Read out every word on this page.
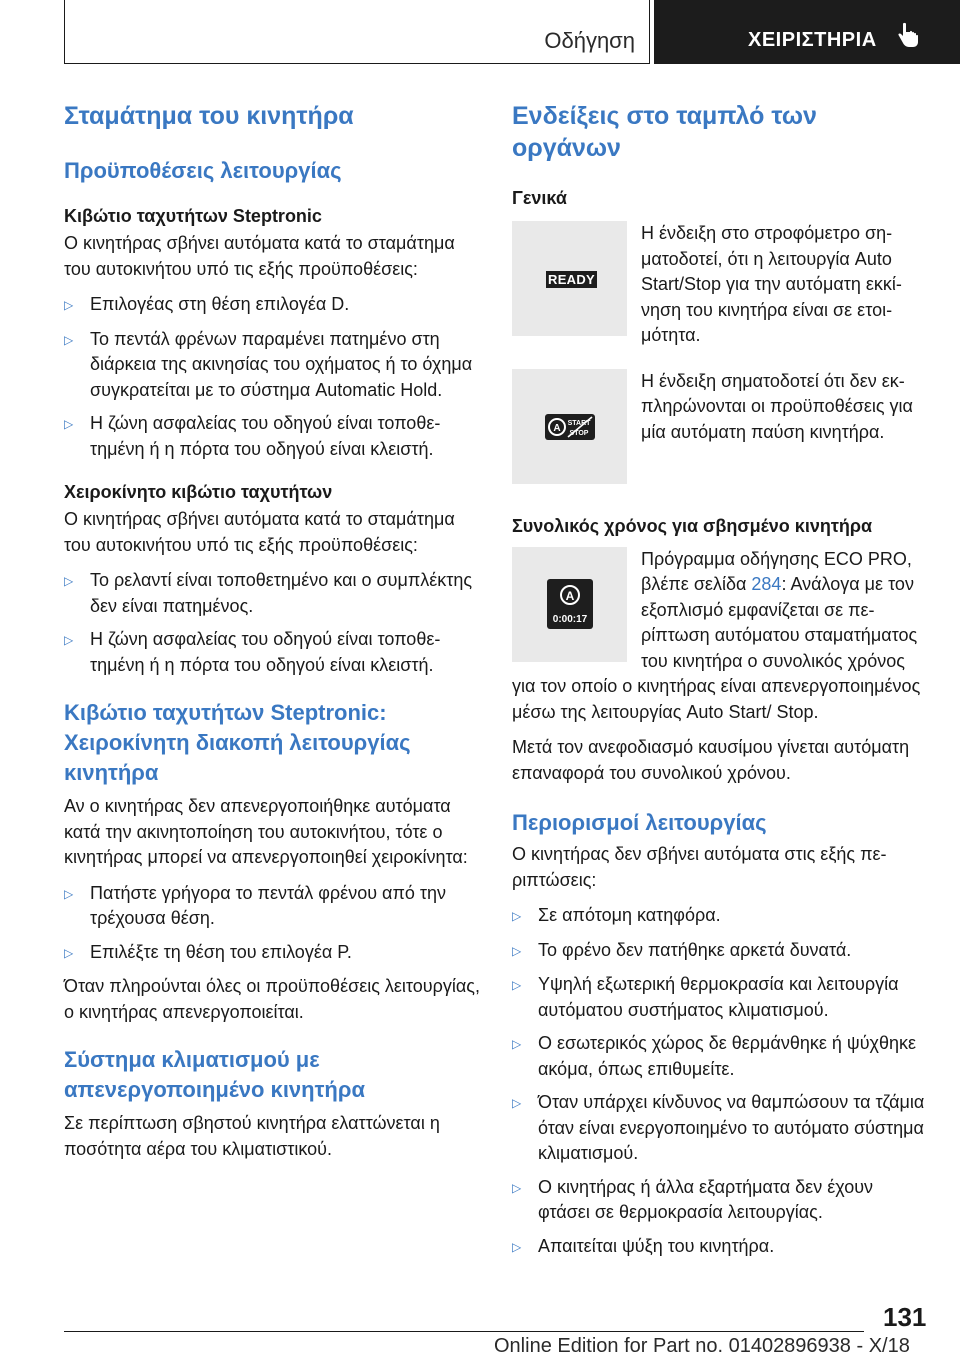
Οδήγηση	ΧΕΙΡΙΣΤΗΡΙΑ
Σταμάτημα του κινητήρα
Προϋποθέσεις λειτουργίας
Κιβώτιο ταχυτήτων Steptronic

Ο κινητήρας σβήνει αυτόματα κατά το σταμάτημα του αυτοκινήτου υπό τις εξής προϋποθέσεις:

▷ Επιλογέας στη θέση επιλογέα D.
▷ Το πεντάλ φρένων παραμένει πατημένο στη διάρκεια της ακινησίας του οχήματος ή το όχημα συγκρατείται με το σύστημα Automatic Hold.
▷ Η ζώνη ασφαλείας του οδηγού είναι τοποθετημένη ή η πόρτα του οδηγού είναι κλειστή.
Χειροκίνητο κιβώτιο ταχυτήτων

Ο κινητήρας σβήνει αυτόματα κατά το σταμάτημα του αυτοκινήτου υπό τις εξής προϋποθέσεις:

▷ Το ρελαντί είναι τοποθετημένο και ο συμπλέκτης δεν είναι πατημένος.
▷ Η ζώνη ασφαλείας του οδηγού είναι τοποθετημένη ή η πόρτα του οδηγού είναι κλειστή.
Κιβώτιο ταχυτήτων Steptronic: Χειροκίνητη διακοπή λειτουργίας κινητήρα

Αν ο κινητήρας δεν απενεργοποιήθηκε αυτόματα κατά την ακινητοποίηση του αυτοκινήτου, τότε ο κινητήρας μπορεί να απενεργοποιηθεί χειροκίνητα:

▷ Πατήστε γρήγορα το πεντάλ φρένου από την τρέχουσα θέση.
▷ Επιλέξτε τη θέση του επιλογέα P.

Όταν πληρούνται όλες οι προϋποθέσεις λειτουργίας, ο κινητήρας απενεργοποιείται.

Σύστημα κλιματισμού με απενεργοποιημένο κινητήρα

Σε περίπτωση σβηστού κινητήρα ελαττώνεται η ποσότητα αέρα του κλιματιστικού.

Ενδείξεις στο ταμπλό των οργάνων
Γενικά
READY

Η ένδειξη στο στροφόμετρο σηματοδοτεί, ότι η λειτουργία Auto Start/Stop για την αυτόματη εκκίνηση του κινητήρα είναι σε ετοιμότητα.

A START
STOP

Η ένδειξη σηματοδοτεί ότι δεν εκπληρώνονται οι προϋποθέσεις για μία αυτόματη παύση κινητήρα.

Συνολικός χρόνος για σβησμένο κινητήρα
A
0:00:17

Πρόγραμμα οδήγησης ECO PRO, βλέπε σελίδα 284: Ανάλογα με τον εξοπλισμό εμφανίζεται σε περίπτωση αυτόματου σταματήματος του κινητήρα ο συνολικός χρόνος για τον οποίο ο κινητήρας είναι απενεργοποιημένος μέσω της λειτουργίας Auto Start/ Stop.

Μετά τον ανεφοδιασμό καυσίμου γίνεται αυτόματη επαναφορά του συνολικού χρόνου.

Περιορισμοί λειτουργίας

Ο κινητήρας δεν σβήνει αυτόματα στις εξής περιπτώσεις:

▷ Σε απότομη κατηφόρα.
▷ Το φρένο δεν πατήθηκε αρκετά δυνατά.
▷ Υψηλή εξωτερική θερμοκρασία και λειτουργία αυτόματου συστήματος κλιματισμού.
▷ Ο εσωτερικός χώρος δε θερμάνθηκε ή ψύχθηκε ακόμα, όπως επιθυμείτε.
▷ Όταν υπάρχει κίνδυνος να θαμπώσουν τα τζάμια όταν είναι ενεργοποιημένο το αυτόματο σύστημα κλιματισμού.
▷ Ο κινητήρας ή άλλα εξαρτήματα δεν έχουν φτάσει σε θερμοκρασία λειτουργίας.
▷ Απαιτείται ψύξη του κινητήρα.
131
Online Edition for Part no. 01402896938 - X/18
